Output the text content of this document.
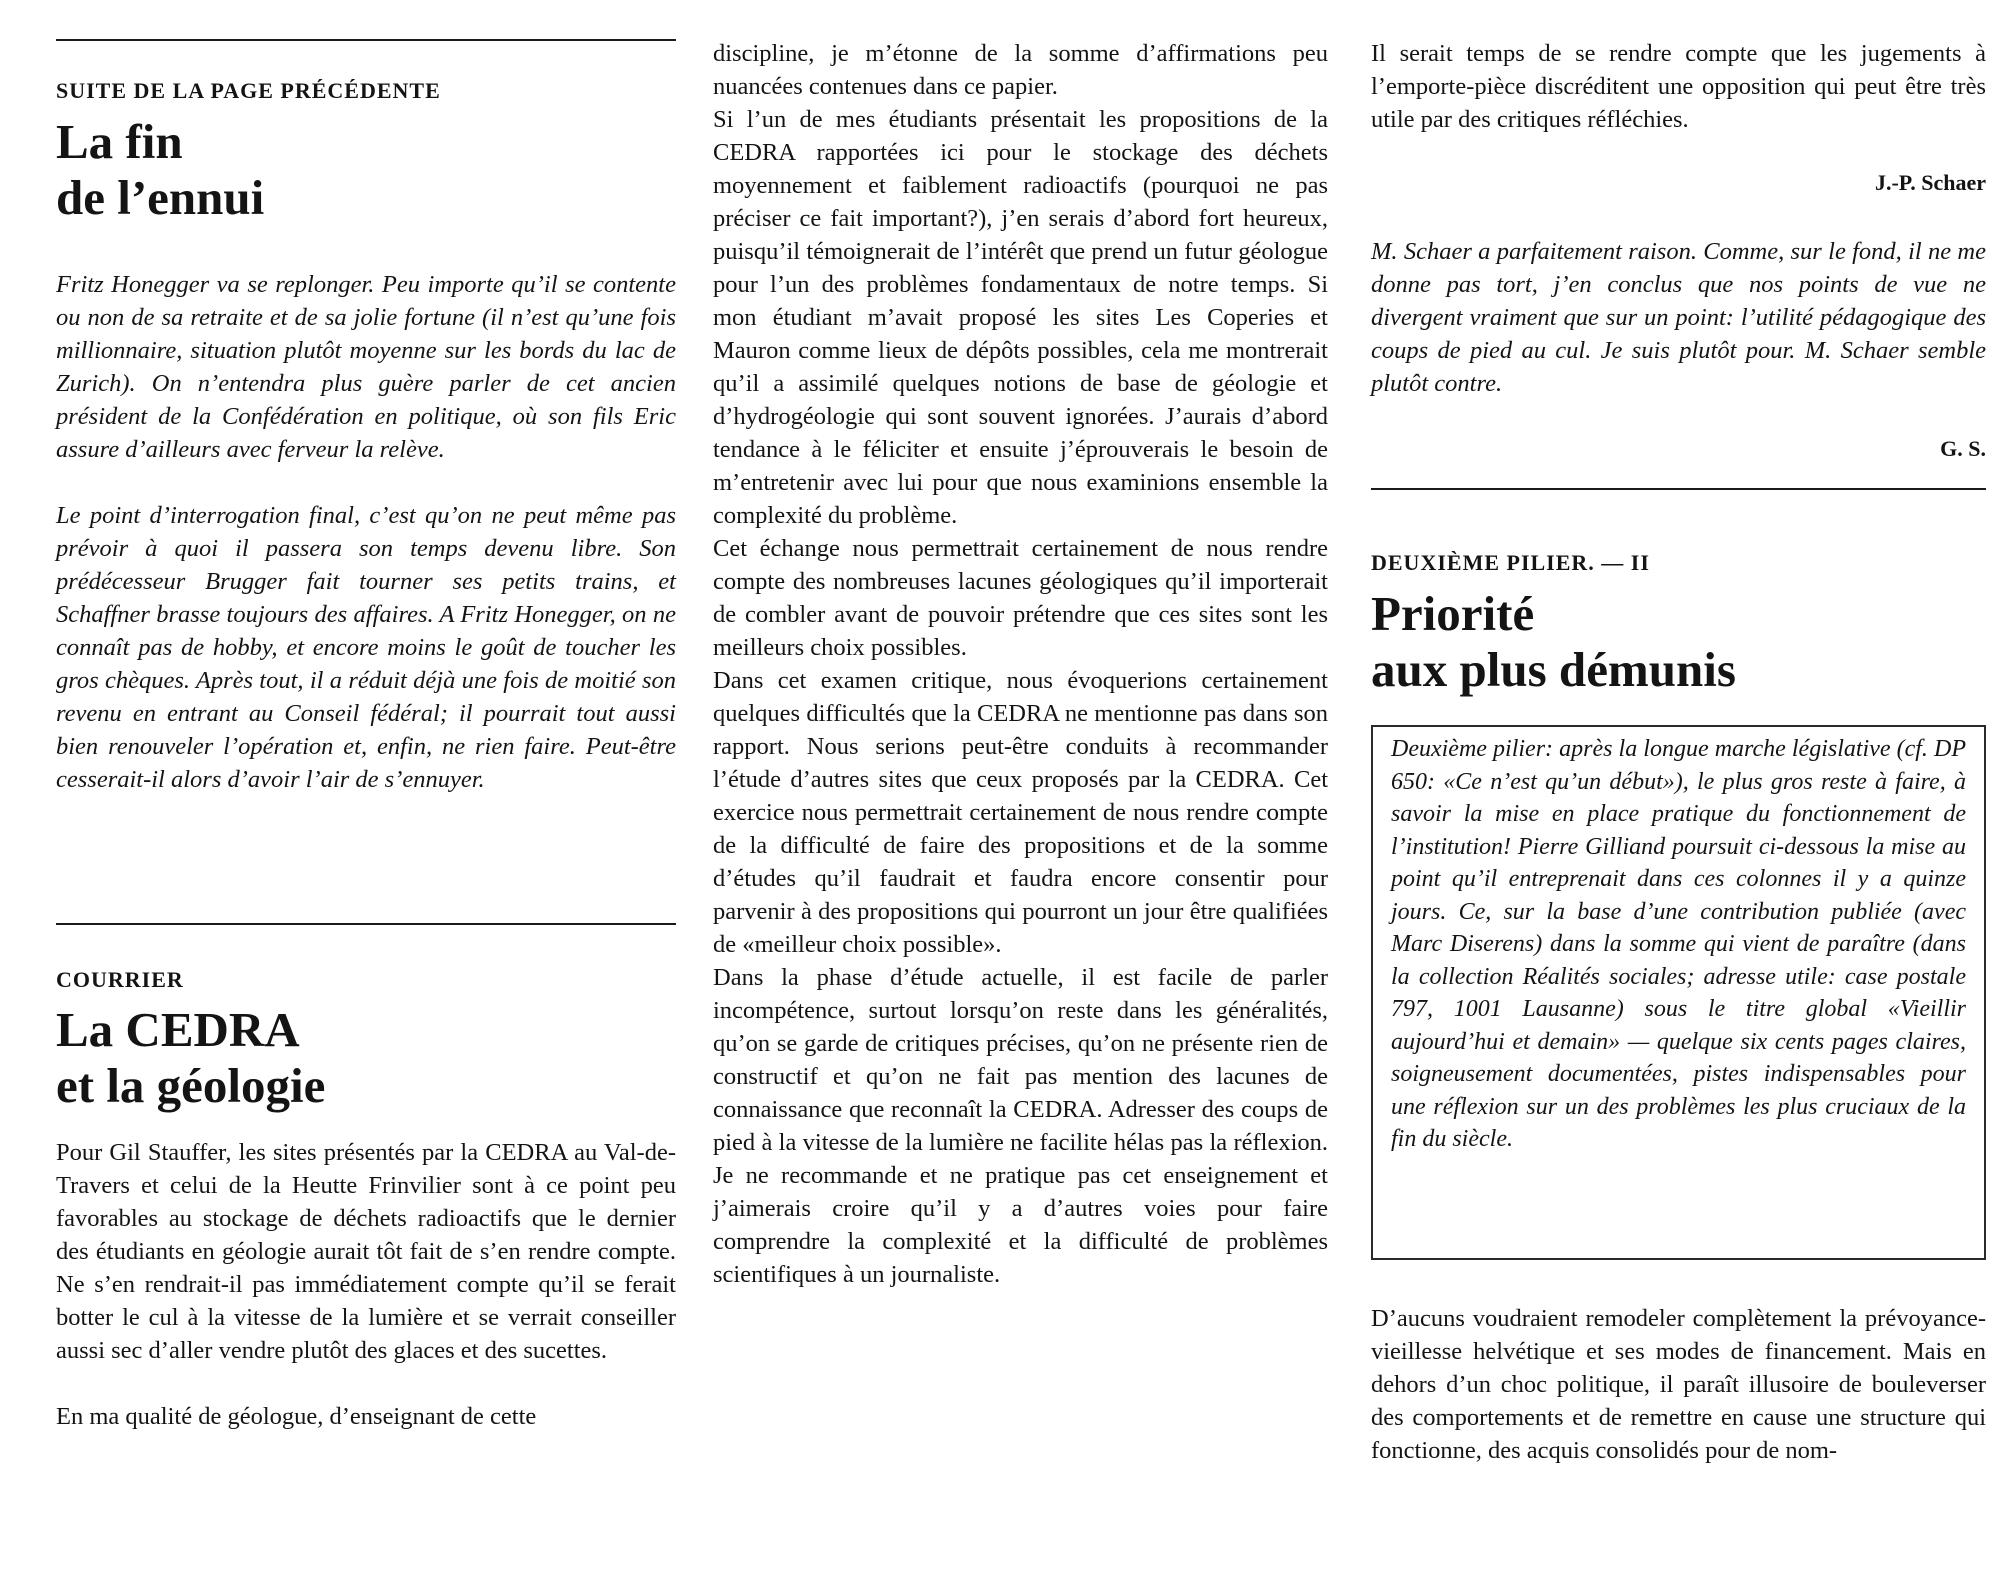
SUITE DE LA PAGE PRÉCÉDENTE
La fin
de l’ennui

Fritz Honegger va se replonger. Peu importe qu’il se contente ou non de sa retraite et de sa jolie fortune (il n’est qu’une fois millionnaire, situation plutôt moyenne sur les bords du lac de Zurich). On n’entendra plus guère parler de cet ancien président de la Confédération en politique, où son fils Eric assure d’ailleurs avec ferveur la relève.

Le point d’interrogation final, c’est qu’on ne peut même pas prévoir à quoi il passera son temps devenu libre. Son prédécesseur Brugger fait tourner ses petits trains, et Schaffner brasse toujours des affaires. A Fritz Honegger, on ne connaît pas de hobby, et encore moins le goût de toucher les gros chèques. Après tout, il a réduit déjà une fois de moitié son revenu en entrant au Conseil fédéral; il pourrait tout aussi bien renouveler l’opération et, enfin, ne rien faire. Peut-être cesserait-il alors d’avoir l’air de s’ennuyer.

COURRIER
La CEDRA
et la géologie

Pour Gil Stauffer, les sites présentés par la CEDRA au Val-de-Travers et celui de la Heutte Frinvilier sont à ce point peu favorables au stockage de déchets radioactifs que le dernier des étudiants en géologie aurait tôt fait de s’en rendre compte. Ne s’en rendrait-il pas immédiatement compte qu’il se ferait botter le cul à la vitesse de la lumière et se verrait conseiller aussi sec d’aller vendre plutôt des glaces et des sucettes.

En ma qualité de géologue, d’enseignant de cette

discipline, je m’étonne de la somme d’affirmations peu nuancées contenues dans ce papier.

Si l’un de mes étudiants présentait les propositions de la CEDRA rapportées ici pour le stockage des déchets moyennement et faiblement radioactifs (pourquoi ne pas préciser ce fait important?), j’en serais d’abord fort heureux, puisqu’il témoignerait de l’intérêt que prend un futur géologue pour l’un des problèmes fondamentaux de notre temps. Si mon étudiant m’avait proposé les sites Les Coperies et Mauron comme lieux de dépôts possibles, cela me montrerait qu’il a assimilé quelques notions de base de géologie et d’hydrogéologie qui sont souvent ignorées. J’aurais d’abord tendance à le féliciter et ensuite j’éprouverais le besoin de m’entretenir avec lui pour que nous examinions ensemble la complexité du problème.

Cet échange nous permettrait certainement de nous rendre compte des nombreuses lacunes géologiques qu’il importerait de combler avant de pouvoir prétendre que ces sites sont les meilleurs choix possibles.

Dans cet examen critique, nous évoquerions certainement quelques difficultés que la CEDRA ne mentionne pas dans son rapport. Nous serions peut-être conduits à recommander l’étude d’autres sites que ceux proposés par la CEDRA. Cet exercice nous permettrait certainement de nous rendre compte de la difficulté de faire des propositions et de la somme d’études qu’il faudrait et faudra encore consentir pour parvenir à des propositions qui pourront un jour être qualifiées de «meilleur choix possible».

Dans la phase d’étude actuelle, il est facile de parler incompétence, surtout lorsqu’on reste dans les généralités, qu’on se garde de critiques précises, qu’on ne présente rien de constructif et qu’on ne fait pas mention des lacunes de connaissance que reconnaît la CEDRA. Adresser des coups de pied à la vitesse de la lumière ne facilite hélas pas la réflexion. Je ne recommande et ne pratique pas cet enseignement et j’aimerais croire qu’il y a d’autres voies pour faire comprendre la complexité et la difficulté de problèmes scientifiques à un journaliste.

Il serait temps de se rendre compte que les jugements à l’emporte-pièce discréditent une opposition qui peut être très utile par des critiques réfléchies.
J.-P. Schaer
M. Schaer a parfaitement raison. Comme, sur le fond, il ne me donne pas tort, j’en conclus que nos points de vue ne divergent vraiment que sur un point: l’utilité pédagogique des coups de pied au cul. Je suis plutôt pour. M. Schaer semble plutôt contre.
G. S.
DEUXIÈME PILIER. — II
Priorité
aux plus démunis
Deuxième pilier: après la longue marche législative (cf. DP 650: «Ce n’est qu’un début»), le plus gros reste à faire, à savoir la mise en place pratique du fonctionnement de l’institution! Pierre Gilliand poursuit ci-dessous la mise au point qu’il entreprenait dans ces colonnes il y a quinze jours. Ce, sur la base d’une contribution publiée (avec Marc Diserens) dans la somme qui vient de paraître (dans la collection Réalités sociales; adresse utile: case postale 797, 1001 Lausanne) sous le titre global «Vieillir aujourd’hui et demain» — quelque six cents pages claires, soigneusement documentées, pistes indispensables pour une réflexion sur un des problèmes les plus cruciaux de la fin du siècle.
D’aucuns voudraient remodeler complètement la prévoyance-vieillesse helvétique et ses modes de financement. Mais en dehors d’un choc politique, il paraît illusoire de bouleverser des comportements et de remettre en cause une structure qui fonctionne, des acquis consolidés pour de nom-
